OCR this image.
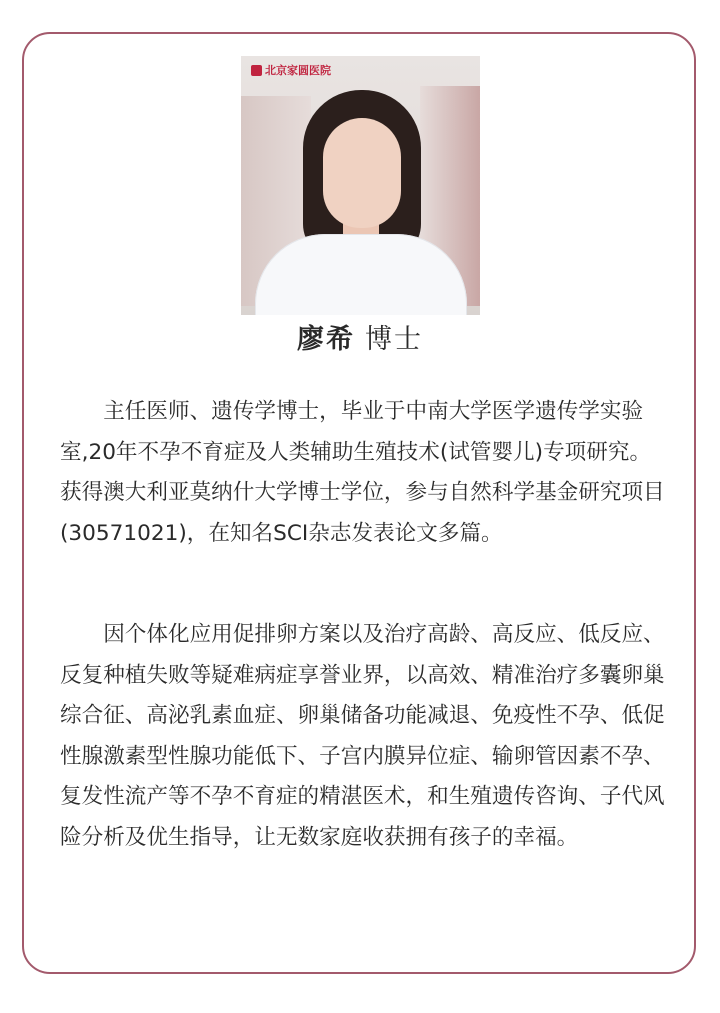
北京家圆医院
廖希 博士

主任医师、遗传学博士，毕业于中南大学医学遗传学实验室,20年不孕不育症及人类辅助生殖技术(试管婴儿)专项研究。获得澳大利亚莫纳什大学博士学位，参与自然科学基金研究项目(30571021)，在知名SCI杂志发表论文多篇。

因个体化应用促排卵方案以及治疗高龄、高反应、低反应、反复种植失败等疑难病症享誉业界，以高效、精准治疗多囊卵巢综合征、高泌乳素血症、卵巢储备功能减退、免疫性不孕、低促性腺激素型性腺功能低下、子宫内膜异位症、输卵管因素不孕、复发性流产等不孕不育症的精湛医术，和生殖遗传咨询、子代风险分析及优生指导，让无数家庭收获拥有孩子的幸福。
